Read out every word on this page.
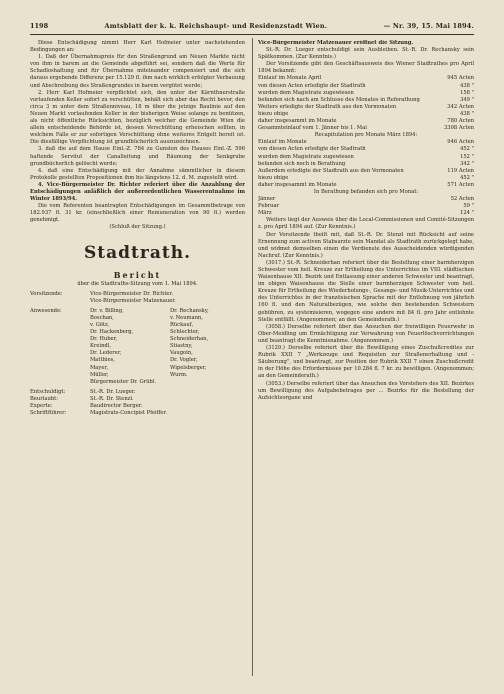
1198	Amtsblatt der k. k. Reichshaupt- und Residenzstadt Wien.	— Nr. 39, 15. Mai 1894.

Diese Entschädigung nimmt Herr Karl Hofmeier unter nachstehenden Bedingungen an:

1. Daß der Übernahmspreis für den Straßengrund am Neuen Markte nicht von ihm in barem an die Gemeinde abgeführt sei, sondern daß die Werte für Schadloshaltung und für Übernahme miteinander compensiert und die sich daraus ergebende Differenz per 15.129 fl. ihm nach wirklich erfolgter Verbauung und Abschreibung des Straßengrundes in barem vergütet werde;

2. Herr Karl Hofmeier verpflichtet sich, den unter der Kärnthnerstraße vorlaufenden Keller sofort zu verschütten, behält sich aber das Recht bevor, den circa 3 m unter dem Straßenniveau, 18 m über die jetzige Baulinie auf den Neuen Markt vorlaufenden Keller in der bisherigen Weise solange zu benützen, als nicht öffentliche Rücksichten, bezüglich welcher die Gemeinde Wien die allein entscheidende Behörde ist, dessen Verschüttung erheischen sollten, in welchem Falle er zur sofortigen Verschüttung ohne weiteres Entgelt bereit ist. Die diesfällige Verpflichtung ist grundbücherlich auszuzeichnen.

3. daß die auf dem Hause Einl.-Z. 784 zu Gunsten des Hauses Einl.-Z. 596 haftende Servitut der Canalleitung und Räumung der Senkgrube grundbücherlich gelöscht werde;

4. daß eine Entschädigung mit der Annahme sämmtlicher in diesem Protokolle gestellten Propositionen ihm bis längstens 12. d. M. zugestellt wird.

4. Vice-Bürgermeister Dr. Richter referiert über die Anzahlung der Entschädigungen anläßlich der außerordentlichen Wasserentnahme im Winter 1893/94.

Die vom Referenten beantragten Entschädigungen im Gesammtbetrage von 182.937 fl. 31 kr. (einschließlich einer Remuneration von 90 fl.) werden genehmigt.

(Schluß der Sitzung.)

Stadtrath.
Bericht

über die Stadtraths-Sitzung vom 1. Mai 1894.

Vorsitzende:	Vice-Bürgermeister Dr. Richter.
Vice-Bürgermeister Matzenauer.
Anwesende:	Dr. v. Billing,	Dr. Rechansky,
Boschan,	v. Neumann,
v. Götz,	Rückauf,
Dr. Hackenberg,	Schlechter,
Dr. Huber,	Schneiderhan,
Kreindl,	Stiastny,
Dr. Lederer,	Vaugoin,
Matthies,	Dr. Vogler,
Mayer,	Wipelsberger,
Müller,	Wurm.
Bürgermeister Dr. Grübl.
Entschuldigt:	St.-R. Dr. Lueger.
Beurlaubt:	St.-R. Dr. Stenzl.
Experte:	Baudirector Berger.
Schriftführer:	Magistrats-Concipist Pfeiffer.

Vice-Bürgermeister Matzenauer eröffnet die Sitzung.

St.-R. Dr. Lueger entschuldigt sein Ausbleiben. St.-R. Dr. Rechansky sein Spätkommen. (Zur Kenntnis.)

Der Vorsitzende gibt den Geschäftsausweis des Wiener Stadtrathes pro April 1894 bekannt:

Einlauf im Monate April	945 Acten
von diesen Acten erledigte der Stadtrath	438 "
wurden dem Magistrate zugewiesen	158 "
befanden sich nach am Schlusse des Monates in Referathung	349 "
Weiters erledigte der Stadtrath aus den Vormonaten	342 Acten
hiezu obige	438 "
daher insgesammt im Monate	780 Acten
Gesammteinlauf vom 1. Jänner bis 1. Mai	3308 Acten

Recapitulation pro Monate März 1894:

Einlauf im Monate	946 Acten
von diesen Acten erledigte der Stadtrath	452 "
wurden dem Magistrate zugewiesen	152 "
befanden sich noch in Berathung	342 "
Außerdem erledigte der Stadtrath aus den Vormonaten	119 Acten
hiezu obige	452 "
daher insgesammt im Monate	571 Acten

In Berathung befanden sich pro Monat:

Jänner	52 Acten
Februar	59 "
März	124 "

Weiters liegt der Ausweis über die Local-Commissionen und Comité-Sitzungen z. pro April 1894 auf. (Zur Kenntnis.)

Der Vorsitzende theilt mit, daß St.-R. Dr. Stenzl mit Rücksicht auf seine Ernennung zum activen Stabsarzte sein Mandat als Stadtrath zurückgelegt habe, und widmet demselben einen die Verdienste des Ausscheidenden würdigenden Nachruf. (Zur Kenntnis.)

(3017.) St.-R. Schneiderhan referiert über die Bestellung einer barmherzigen Schwester vom heil. Kreuze zur Ertheilung des Unterrichtes im VIII. städtischen Waisenhause XII. Bezirk und Entlassung einer anderen Schwester und beantragt, im obigen Waisenhause die Stelle einer barmherzigen Schwester vom heil. Kreuze für Ertheilung des Wiederholungs-, Gesangs- und Musik-Unterrichtes und des Unterrichtes in der französischen Sprache mit der Entlohnung von jährlich 160 fl. und den Naturalbezügen, wie solche den bestehenden Schwestern gebühren, zu systemisieren, wogegen eine andere mit 84 fl. pro Jahr entlohnte Stelle entfällt. (Angenommen; an den Gemeinderath.)

(3058.) Derselbe referiert über das Ansuchen der freiwilligen Feuerwehr in Ober-Meidling um Ermächtigung zur Verwahrung von Feuerlöschvorrichtungen und beantragt die Kenntnisnahme. (Angenommen.)

(3129.) Derselbe referiert über die Bewilligung eines Zuschußcredites zur Rubrik XXII 7 „Werkzeuge und Requisiten zur Straßenerhaltung und -Säuberung", und beantragt, zur Position der Rubrik XXII 7 einen Zuschußcredit in der Höhe des Erfordernisses per 10.284 fl. 7 kr. zu bewilligen. (Angenommen; an den Gemeinderath.)

(3053.) Derselbe referiert über das Ansuchen des Vorstehers des XII. Bezirkes um Bewilligung des Aufgabebetrages per ... Bezirks für die Bestellung der Aufsichtsorgane und
